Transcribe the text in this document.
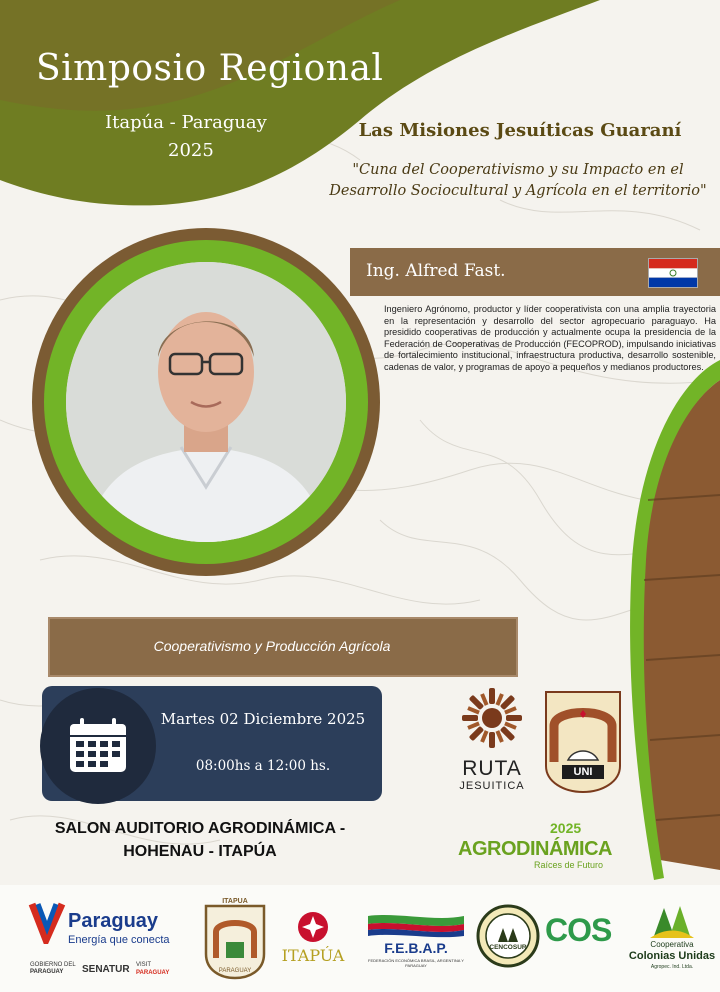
Simposio Regional
Itapúa - Paraguay
2025
Las Misiones Jesuíticas Guaraní
"Cuna del Cooperativismo y su Impacto en el Desarrollo Sociocultural y Agrícola en el territorio"
Ing. Alfred Fast.
Ingeniero Agrónomo, productor y líder cooperativista con una amplia trayectoria en la representación y desarrollo del sector agropecuario paraguayo. Ha presidido cooperativas de producción y actualmente ocupa la presidencia de la Federación de Cooperativas de Producción (FECOPROD), impulsando iniciativas de fortalecimiento institucional, infraestructura productiva, desarrollo sostenible, cadenas de valor, y programas de apoyo a pequeños y medianos productores.
Cooperativismo y Producción Agrícola
Martes 02 Diciembre 2025
08:00hs a 12:00 hs.
SALON AUDITORIO AGRODINÁMICA -
HOHENAU - ITAPÚA
RUTA
JESUITICA
UNI
2025
AGRODINÁMICA
Raíces de Futuro
Paraguay
Energía que conecta
GOBIERNO DEL
PARAGUAY	SENATUR VISIT
PARAGUAY
ITAPUA
PARAGUAY
ITAPÚA	F.E.B.A.P.
FEDERACIÓN ECONÓMICA BRASIL, ARGENTINA Y PARAGUAY
CENCOSUR COS	Cooperativa
Colonias Unidas
Agropec. Ind. Ltda.
